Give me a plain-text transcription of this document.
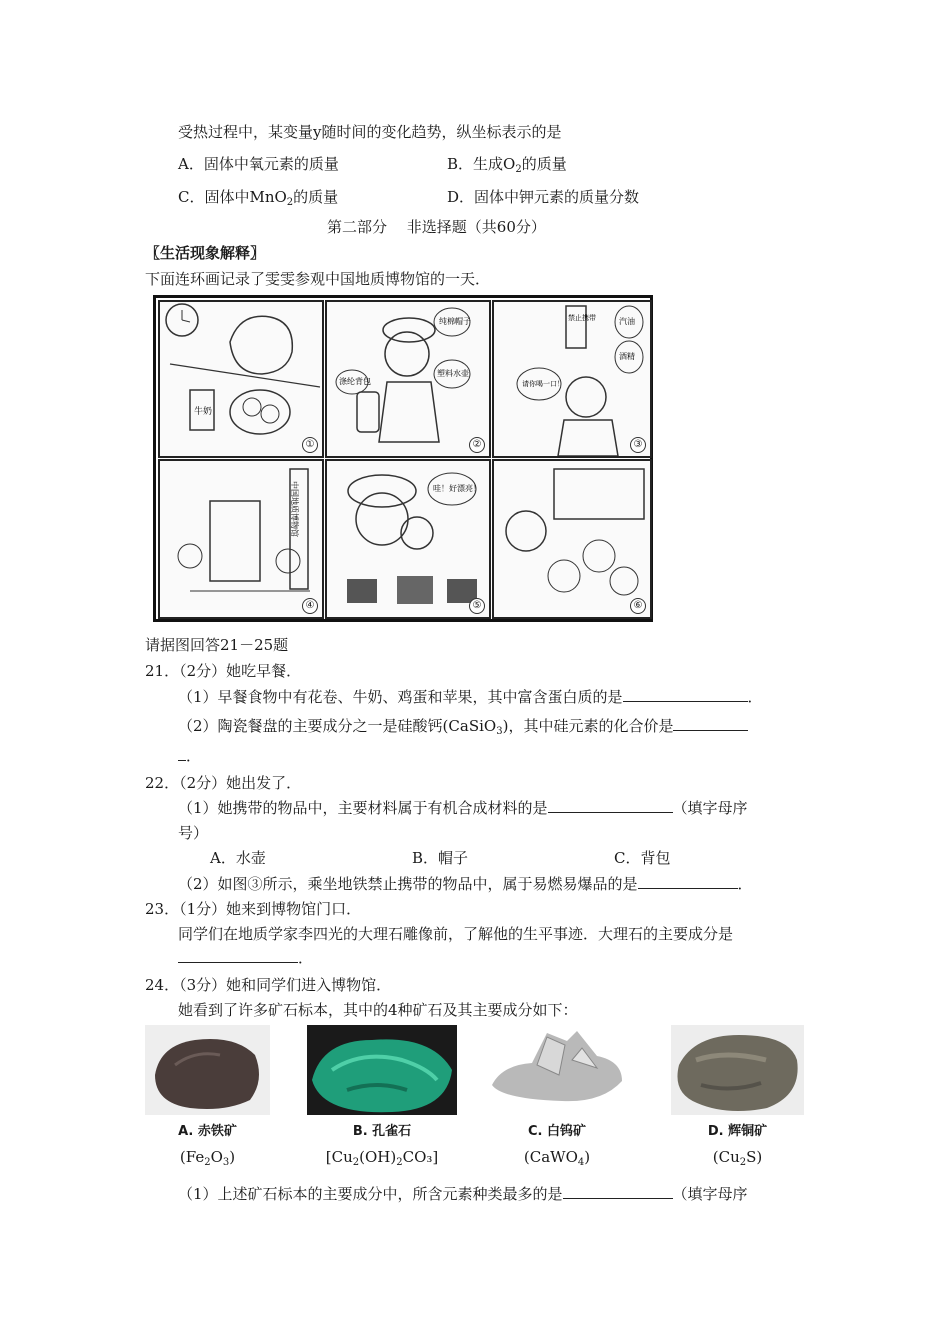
受热过程中，某变量y随时间的变化趋势，纵坐标表示的是
A．固体中氧元素的质量	B．生成$O_2$的质量
C．固体中MnO$_2$的质量	D．固体中钾元素的质量分数
第二部分　 非选择题（共60分）
〖生活现象解释〗
下面连环画记录了雯雯参观中国地质博物馆的一天．
牛奶
①
纯棉帽子
塑料水壶
涤纶背包
②
禁止携带	汽油
酒精
请你喝一口！
③
中国地质博物馆
④
哇！好漂亮！
⑤	⑥
请据图回答21－25题
21．（2分）她吃早餐．
（1）早餐食物中有花卷、牛奶、鸡蛋和苹果，其中富含蛋白质的是	．
（2）陶瓷餐盘的主要成分之一是硅酸钙(CaSiO$_3$)，其中硅元素的化合价是
．
22．（2分）她出发了．
（1）她携带的物品中，主要材料属于有机合成材料的是	（填字母序
号）
A．水壶	B．帽子	C．背包
（2）如图③所示，乘坐地铁禁止携带的物品中，属于易燃易爆品的是	．
23．（1分）她来到博物馆门口．
同学们在地质学家李四光的大理石雕像前，了解他的生平事迹．大理石的主要成分是
．
24．（3分）她和同学们进入博物馆．
她看到了许多矿石标本，其中的4种矿石及其主要成分如下：
A. 赤铁矿	B. 孔雀石	C. 白钨矿	D. 辉铜矿
$(Fe_2O_3)$	$[Cu_2(OH)_2CO_3]$	(CaWO$_4$)	$(Cu_2S)$
（1）上述矿石标本的主要成分中，所含元素种类最多的是	（填字母序
